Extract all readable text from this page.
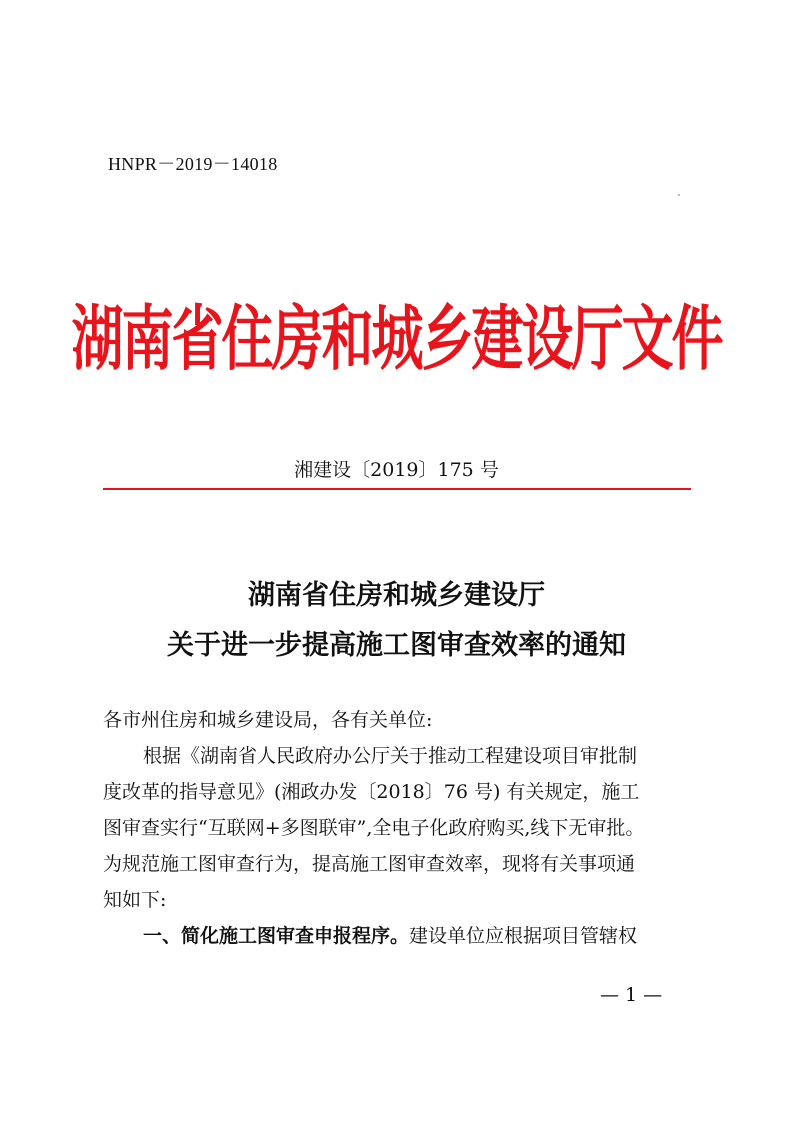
HNPR－2019－14018
湖南省住房和城乡建设厅文件
湘建设〔2019〕175 号
湖南省住房和城乡建设厅
关于进一步提高施工图审查效率的通知
各市州住房和城乡建设局，各有关单位:
根据《湖南省人民政府办公厅关于推动工程建设项目审批制
度改革的指导意见》(湘政办发〔2018〕76 号) 有关规定，施工
图审查实行“互联网+多图联审”,全电子化政府购买,线下无审批。
为规范施工图审查行为，提高施工图审查效率，现将有关事项通
知如下:
一、简化施工图审查申报程序。建设单位应根据项目管辖权
— 1 —
